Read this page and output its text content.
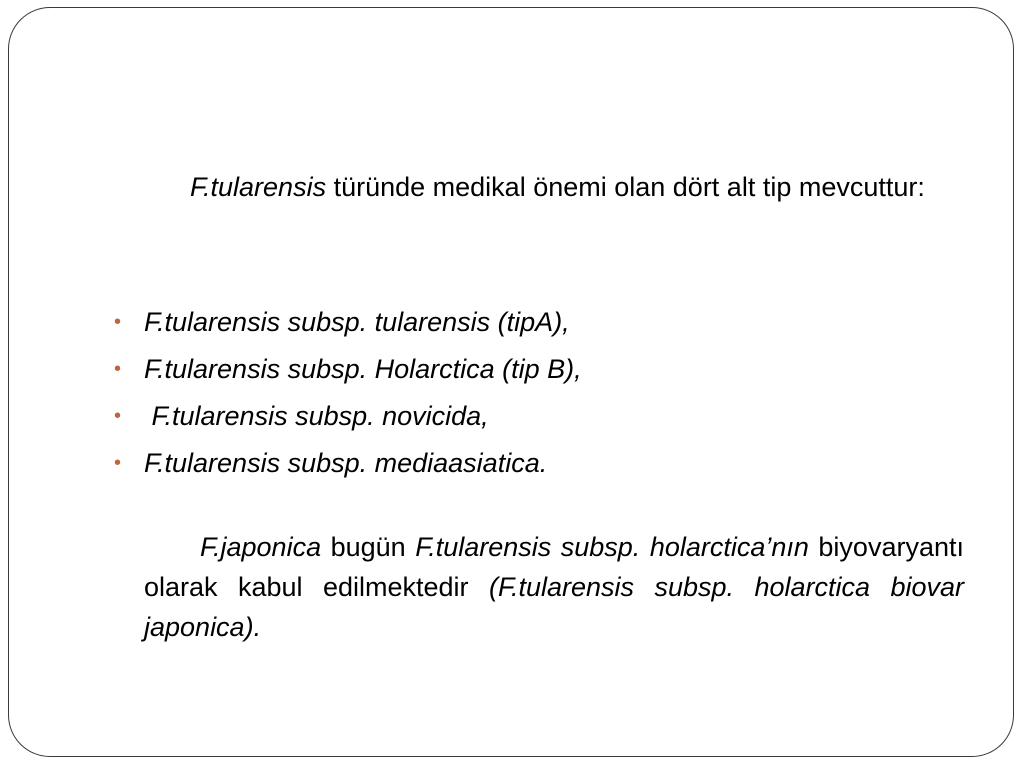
F.tularensis türünde medikal önemi olan dört alt tip mevcuttur:

• F.tularensis subsp. tularensis (tipA),
• F.tularensis subsp. Holarctica (tip B),
• F.tularensis subsp. novicida,
• F.tularensis subsp. mediaasiatica.

F.japonica bugün F.tularensis subsp. holarctica’nın biyovaryantı olarak kabul edilmektedir (F.tularensis subsp. holarctica biovar japonica).
